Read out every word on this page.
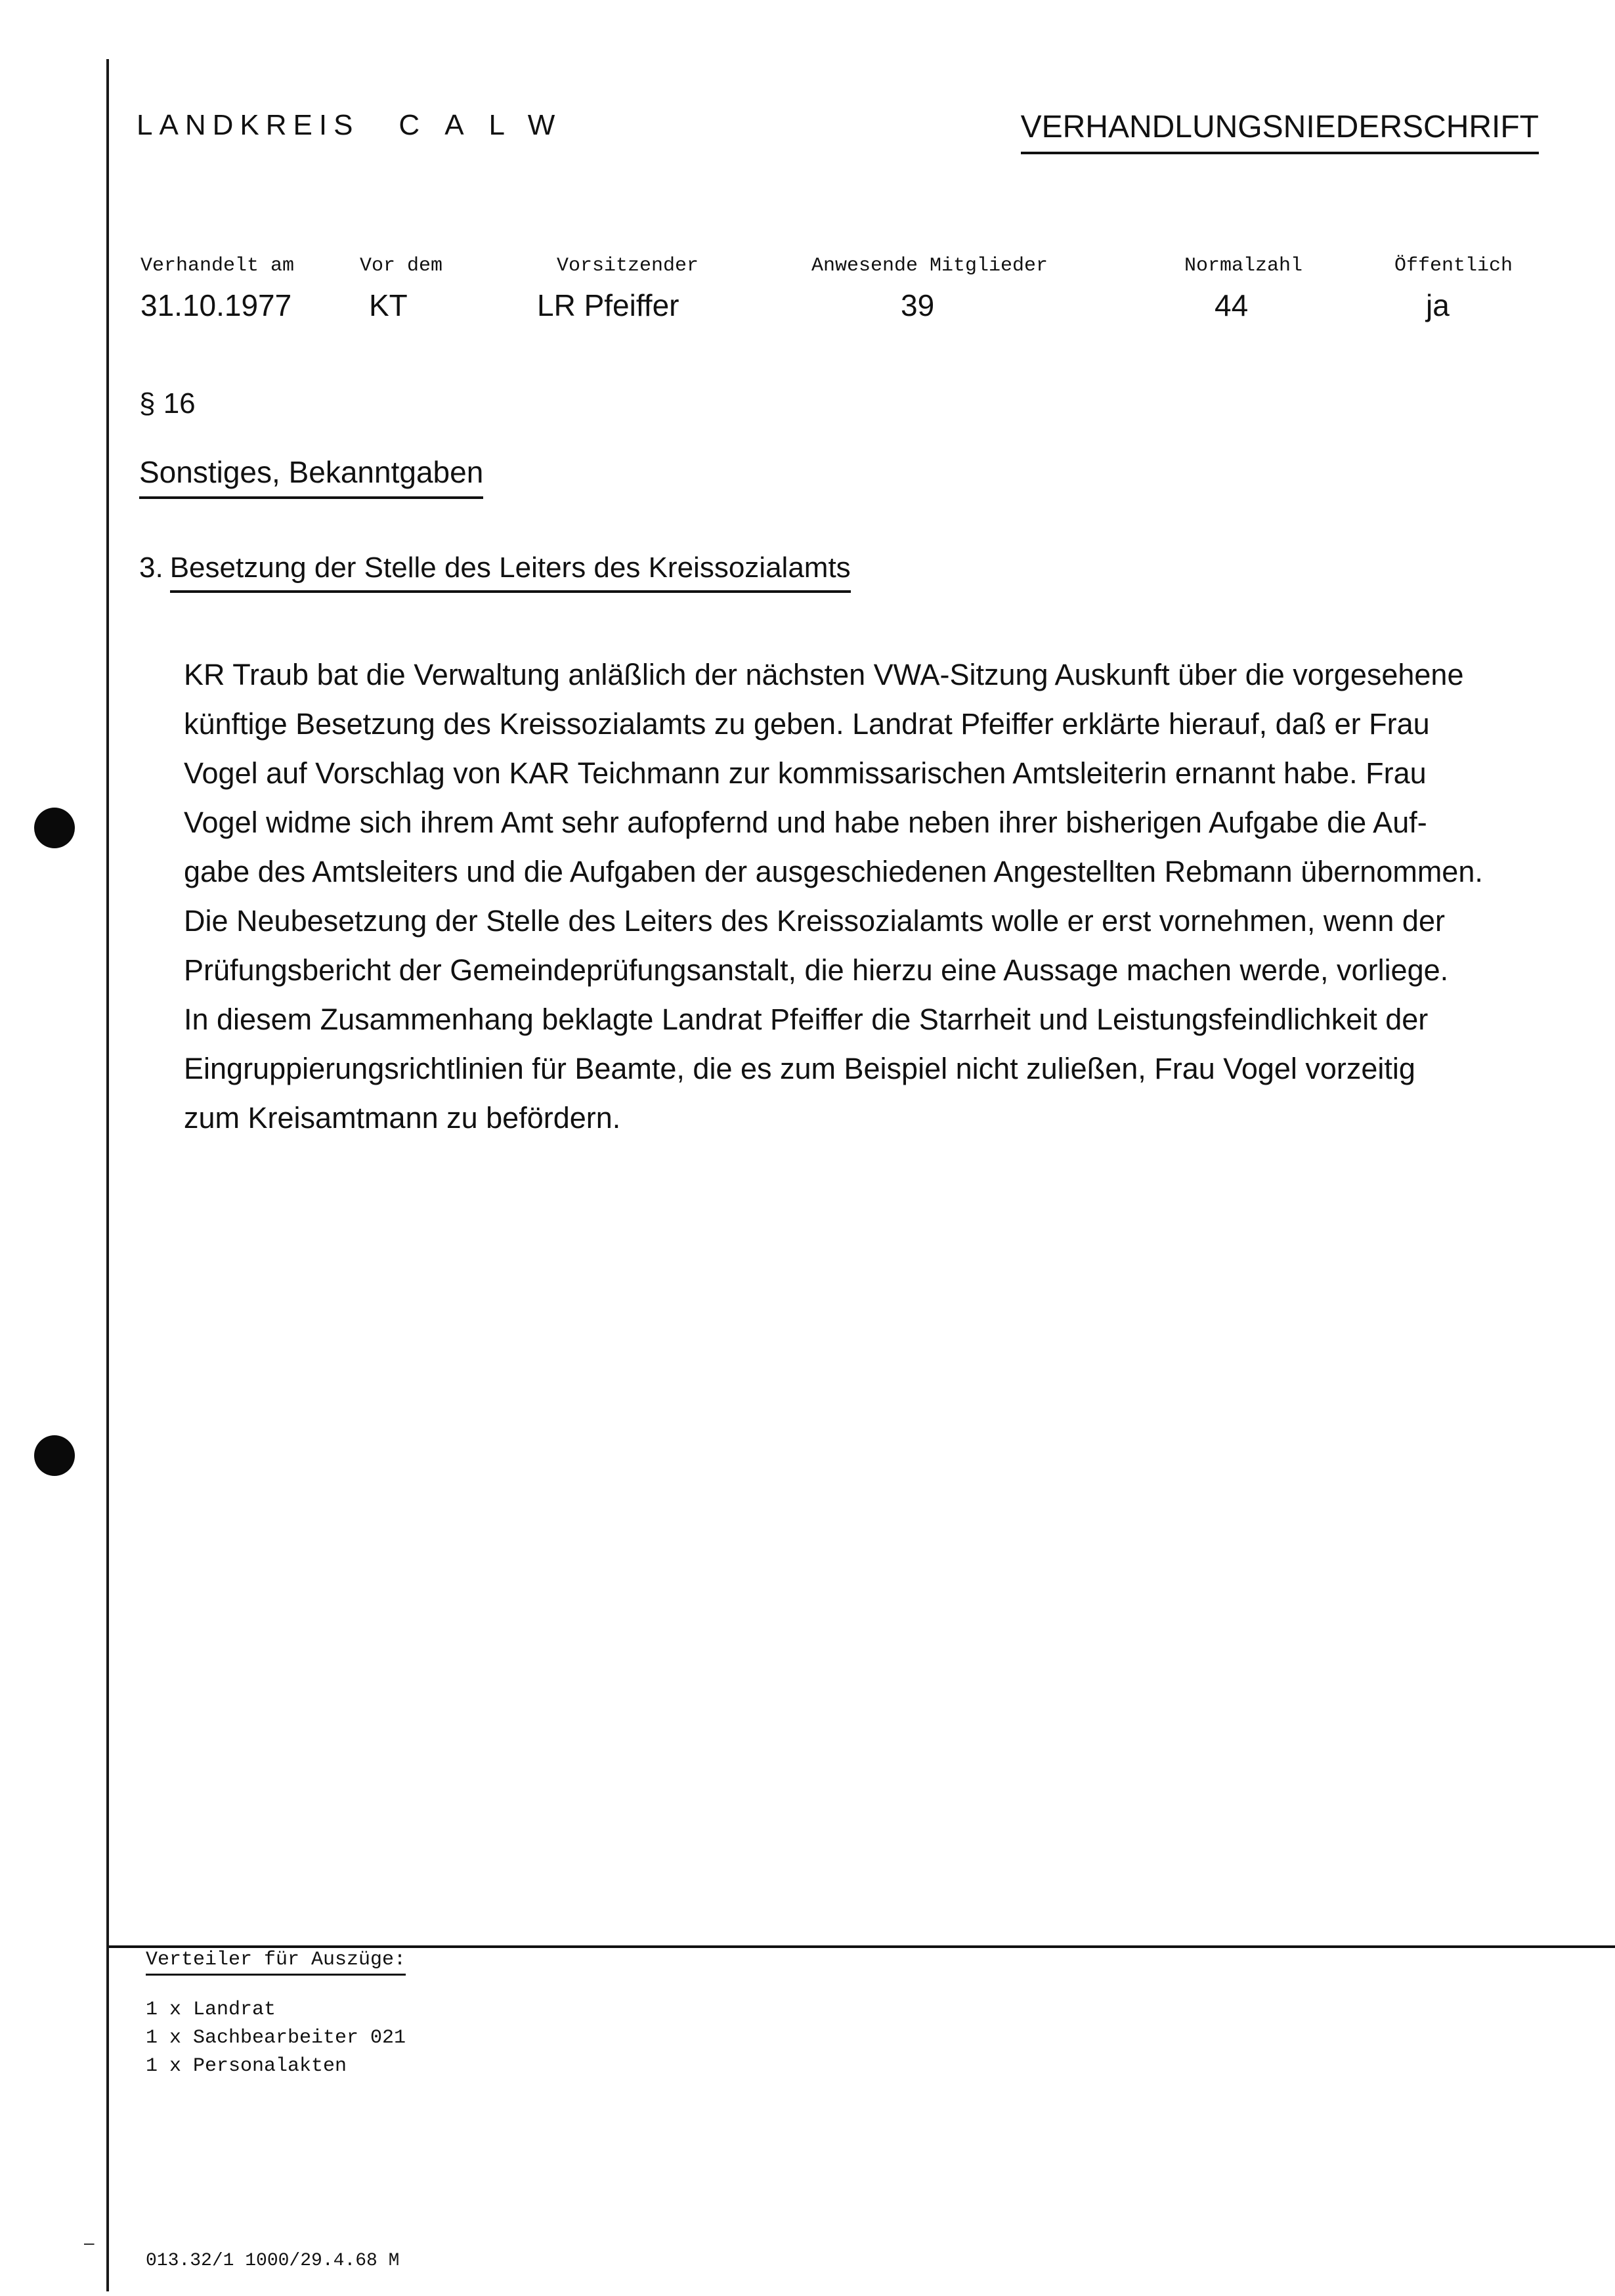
–
LANDKREIS CALW	VERHANDLUNGSNIEDERSCHRIFT
Verhandelt am	Vor dem	Vorsitzender	Anwesende Mitglieder	Normalzahl	Öffentlich
31.10.1977	KT	LR Pfeiffer	39	44	ja
§ 16
Sonstiges, Bekanntgaben
3. Besetzung der Stelle des Leiters des Kreissozialamts

KR Traub bat die Verwaltung anläßlich der nächsten VWA-Sitzung Auskunft über die vorgesehene

künftige Besetzung des Kreissozialamts zu geben. Landrat Pfeiffer erklärte hierauf, daß er Frau

Vogel auf Vorschlag von KAR Teichmann zur kommissarischen Amtsleiterin ernannt habe. Frau

Vogel widme sich ihrem Amt sehr aufopfernd und habe neben ihrer bisherigen Aufgabe die Auf-

gabe des Amtsleiters und die Aufgaben der ausgeschiedenen Angestellten Rebmann übernommen.

Die Neubesetzung der Stelle des Leiters des Kreissozialamts wolle er erst vornehmen, wenn der

Prüfungsbericht der Gemeindeprüfungsanstalt, die hierzu eine Aussage machen werde, vorliege.

In diesem Zusammenhang beklagte Landrat Pfeiffer die Starrheit und Leistungsfeindlichkeit der

Eingruppierungsrichtlinien für Beamte, die es zum Beispiel nicht zuließen, Frau Vogel vorzeitig

zum Kreisamtmann zu befördern.

Verteiler für Auszüge:
1 x Landrat
1 x Sachbearbeiter 021
1 x Personalakten
013.32/1 1000/29.4.68 M
